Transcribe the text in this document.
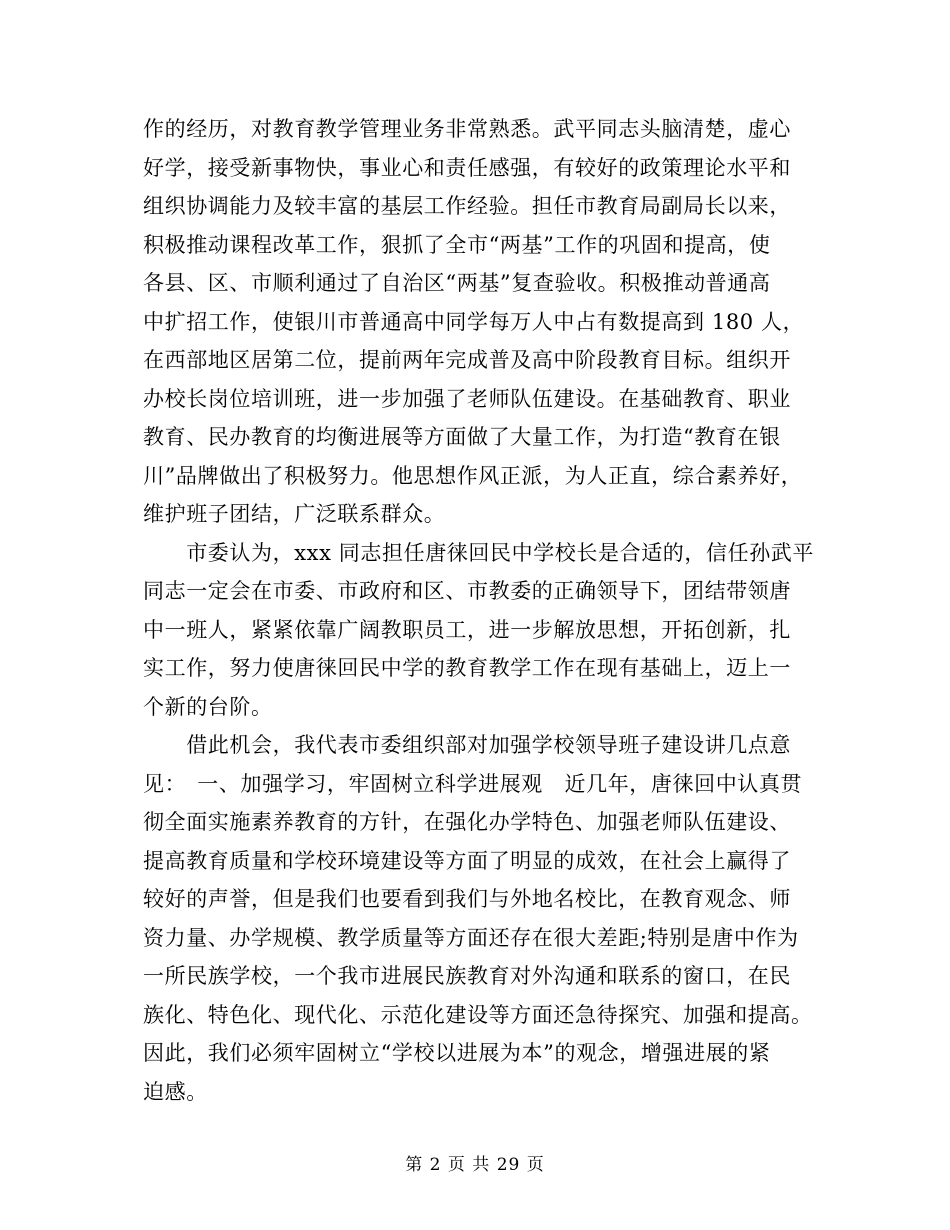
作的经历，对教育教学管理业务非常熟悉。武平同志头脑清楚，虚心
好学，接受新事物快，事业心和责任感强，有较好的政策理论水平和
组织协调能力及较丰富的基层工作经验。担任市教育局副局长以来，
积极推动课程改革工作，狠抓了全市“两基”工作的巩固和提高，使
各县、区、市顺利通过了自治区“两基”复查验收。积极推动普通高
中扩招工作，使银川市普通高中同学每万人中占有数提高到 180 人，
在西部地区居第二位，提前两年完成普及高中阶段教育目标。组织开
办校长岗位培训班，进一步加强了老师队伍建设。在基础教育、职业
教育、民办教育的均衡进展等方面做了大量工作，为打造“教育在银
川”品牌做出了积极努力。他思想作风正派，为人正直，综合素养好，
维护班子团结，广泛联系群众。
　　市委认为，xxx 同志担任唐徕回民中学校长是合适的，信任孙武平
同志一定会在市委、市政府和区、市教委的正确领导下，团结带领唐
中一班人，紧紧依靠广阔教职员工，进一步解放思想，开拓创新，扎
实工作，努力使唐徕回民中学的教育教学工作在现有基础上，迈上一
个新的台阶。
　　借此机会，我代表市委组织部对加强学校领导班子建设讲几点意
见：　一、加强学习，牢固树立科学进展观　近几年，唐徕回中认真贯
彻全面实施素养教育的方针，在强化办学特色、加强老师队伍建设、
提高教育质量和学校环境建设等方面了明显的成效，在社会上赢得了
较好的声誉，但是我们也要看到我们与外地名校比，在教育观念、师
资力量、办学规模、教学质量等方面还存在很大差距;特别是唐中作为
一所民族学校，一个我市进展民族教育对外沟通和联系的窗口，在民
族化、特色化、现代化、示范化建设等方面还急待探究、加强和提高。
因此，我们必须牢固树立“学校以进展为本”的观念，增强进展的紧
迫感。
第 2 页 共 29 页
